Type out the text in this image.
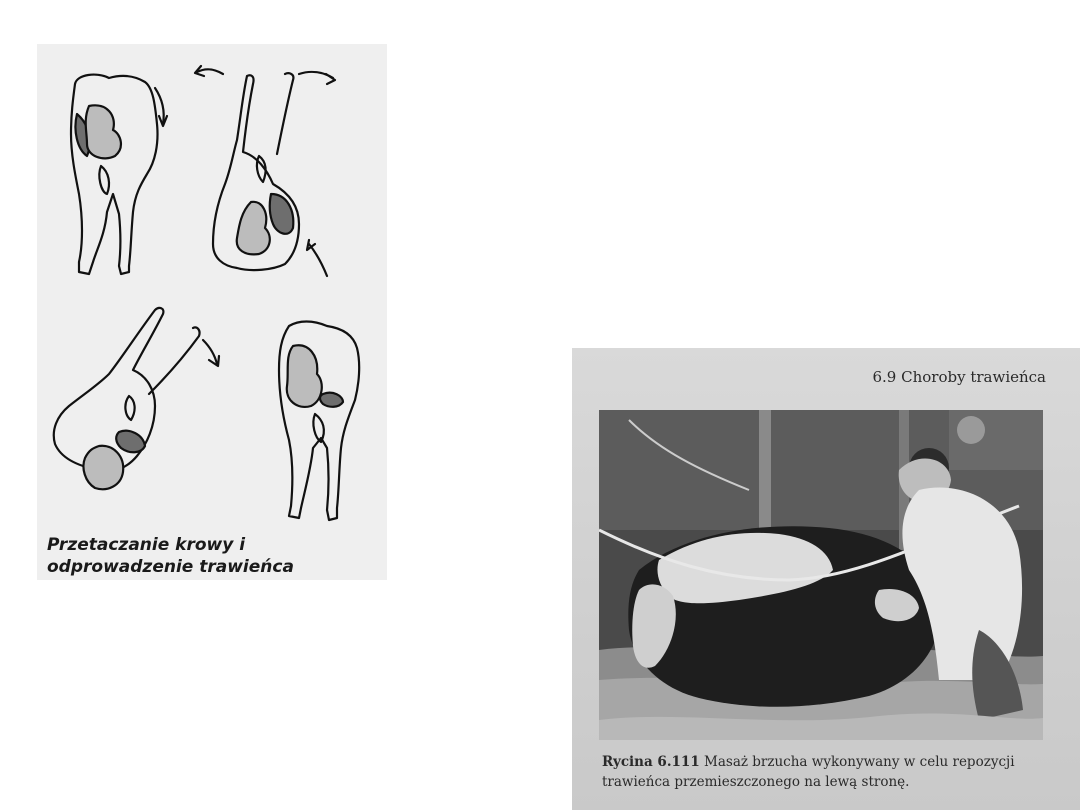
Przetaczanie krowy i odprowadzenie trawieńca
6.9 Choroby trawieńca
Rycina 6.111 Masaż brzucha wykonywany w celu repozycji trawieńca przemieszczonego na lewą stronę.
